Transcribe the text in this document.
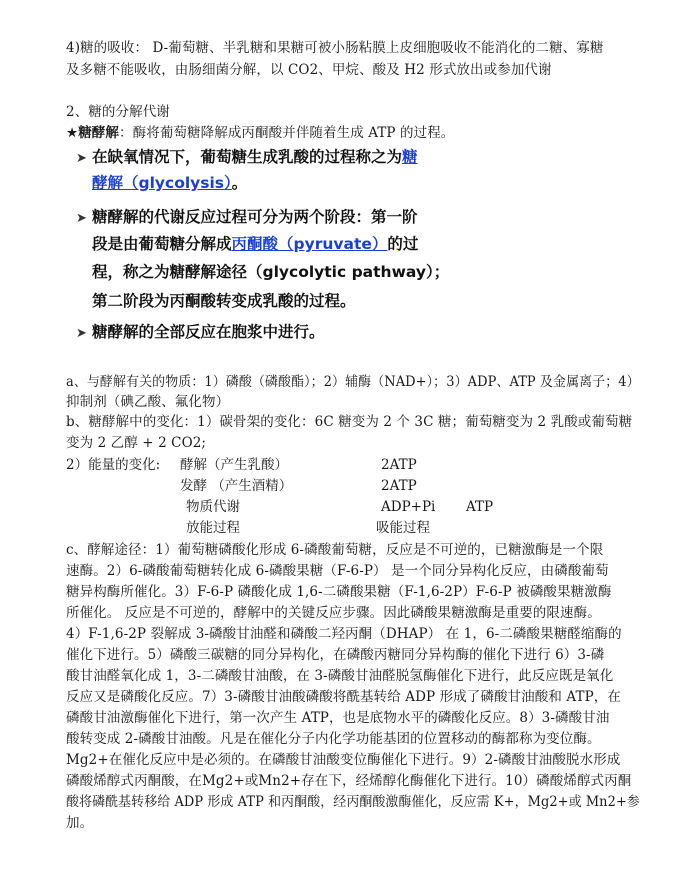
4)糖的吸收： D-葡萄糖、半乳糖和果糖可被小肠粘膜上皮细胞吸收不能消化的二糖、寡糖
及多糖不能吸收，由肠细菌分解，以 CO2、甲烷、酸及 H2 形式放出或参加代谢
2、糖的分解代谢
★糖酵解：酶将葡萄糖降解成丙酮酸并伴随着生成 ATP 的过程。
➤ 在缺氧情况下，葡萄糖生成乳酸的过程称之为糖
酵解（glycolysis）。
➤ 糖酵解的代谢反应过程可分为两个阶段：第一阶
段是由葡萄糖分解成丙酮酸（pyruvate）的过
程，称之为糖酵解途径（glycolytic pathway）；
第二阶段为丙酮酸转变成乳酸的过程。
➤ 糖酵解的全部反应在胞浆中进行。
a、与酵解有关的物质：1）磷酸（磷酸酯）；2）辅酶（NAD+）；3）ADP、ATP 及金属离子；4）
抑制剂（碘乙酸、氟化物）
b、糖酵解中的变化：1）碳骨架的变化：6C 糖变为 2 个 3C 糖；葡萄糖变为 2 乳酸或葡萄糖
变为 2 乙醇 + 2 CO2;
2）能量的变化: 酵解（产生乳酸）	2ATP
发酵 （产生酒精）	2ATP
物质代谢	ADP+Pi ATP
放能过程	吸能过程
c、酵解途径：1）葡萄糖磷酸化形成 6-磷酸葡萄糖，反应是不可逆的，已糖激酶是一个限
速酶。2）6-磷酸葡萄糖转化成 6-磷酸果糖（F-6-P） 是一个同分异构化反应，由磷酸葡萄
糖异构酶所催化。3）F-6-P 磷酸化成 1,6-二磷酸果糖（F-1,6-2P）F-6-P 被磷酸果糖激酶
所催化。 反应是不可逆的，酵解中的关键反应步骤。因此磷酸果糖激酶是重要的限速酶。
4）F-1,6-2P 裂解成 3-磷酸甘油醛和磷酸二羟丙酮（DHAP） 在 1，6-二磷酸果糖醛缩酶的
催化下进行。5）磷酸三碳糖的同分异构化，在磷酸丙糖同分异构酶的催化下进行 6）3-磷
酸甘油醛氧化成 1，3-二磷酸甘油酸，在 3-磷酸甘油醛脱氢酶催化下进行，此反应既是氧化
反应又是磷酸化反应。7）3-磷酸甘油酸磷酸将酰基转给 ADP 形成了磷酸甘油酸和 ATP，在
磷酸甘油激酶催化下进行，第一次产生 ATP，也是底物水平的磷酸化反应。8）3-磷酸甘油
酸转变成 2-磷酸甘油酸。凡是在催化分子内化学功能基团的位置移动的酶都称为变位酶。
Mg2+在催化反应中是必须的。在磷酸甘油酸变位酶催化下进行。9）2-磷酸甘油酸脱水形成
磷酸烯醇式丙酮酸，在Mg2+或Mn2+存在下，经烯醇化酶催化下进行。10）磷酸烯醇式丙酮
酸将磷酰基转移给 ADP 形成 ATP 和丙酮酸，经丙酮酸激酶催化，反应需 K+，Mg2+或 Mn2+参
加。
